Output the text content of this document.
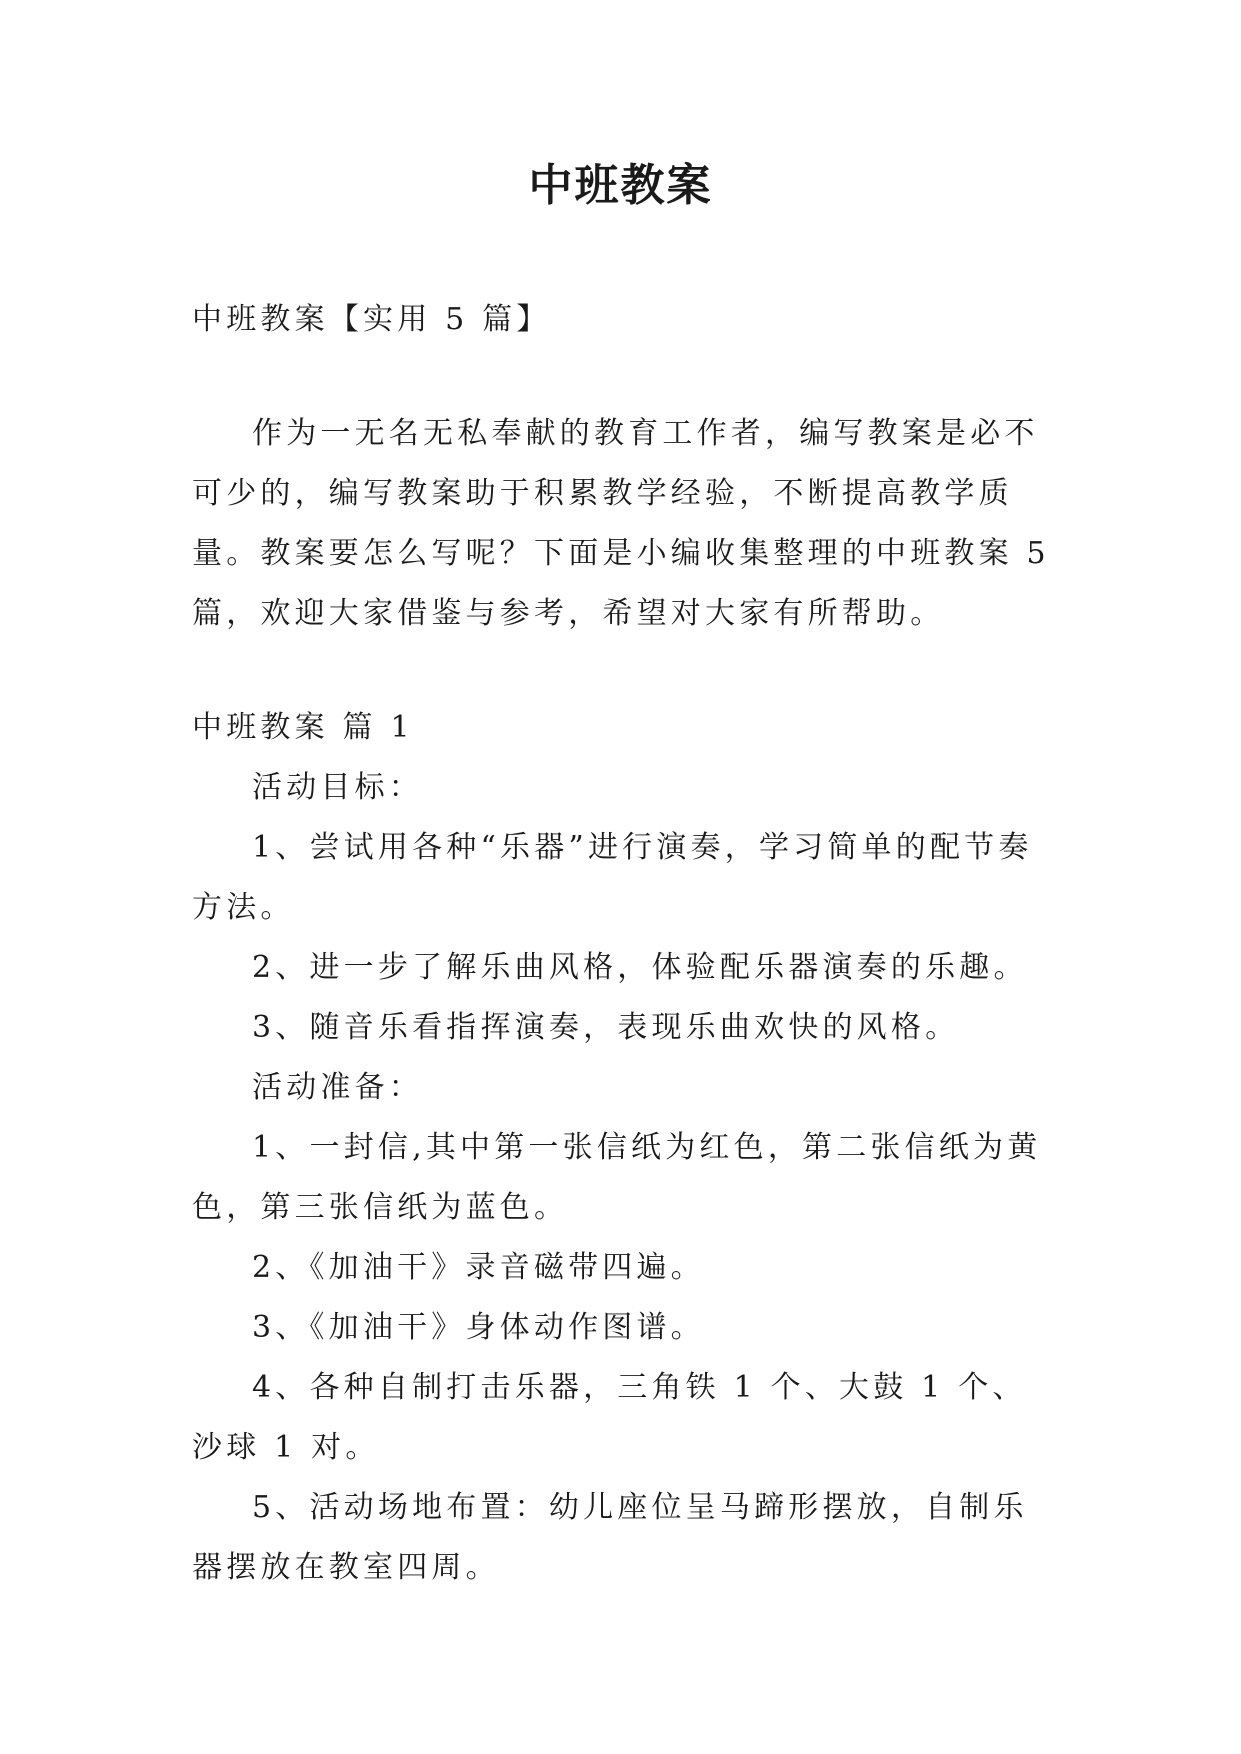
中班教案

中班教案【实用 5 篇】

作为一无名无私奉献的教育工作者，编写教案是必不可少的，编写教案助于积累教学经验，不断提高教学质量。教案要怎么写呢？下面是小编收集整理的中班教案 5 篇，欢迎大家借鉴与参考，希望对大家有所帮助。

中班教案 篇 1

活动目标：

1、尝试用各种“乐器”进行演奏，学习简单的配节奏方法。

2、进一步了解乐曲风格，体验配乐器演奏的乐趣。

3、随音乐看指挥演奏，表现乐曲欢快的风格。

活动准备：

1、一封信,其中第一张信纸为红色，第二张信纸为黄色，第三张信纸为蓝色。

2、《加油干》录音磁带四遍。

3、《加油干》身体动作图谱。

4、各种自制打击乐器，三角铁 1 个、大鼓 1 个、沙球 1 对。

5、活动场地布置：幼儿座位呈马蹄形摆放，自制乐器摆放在教室四周。
